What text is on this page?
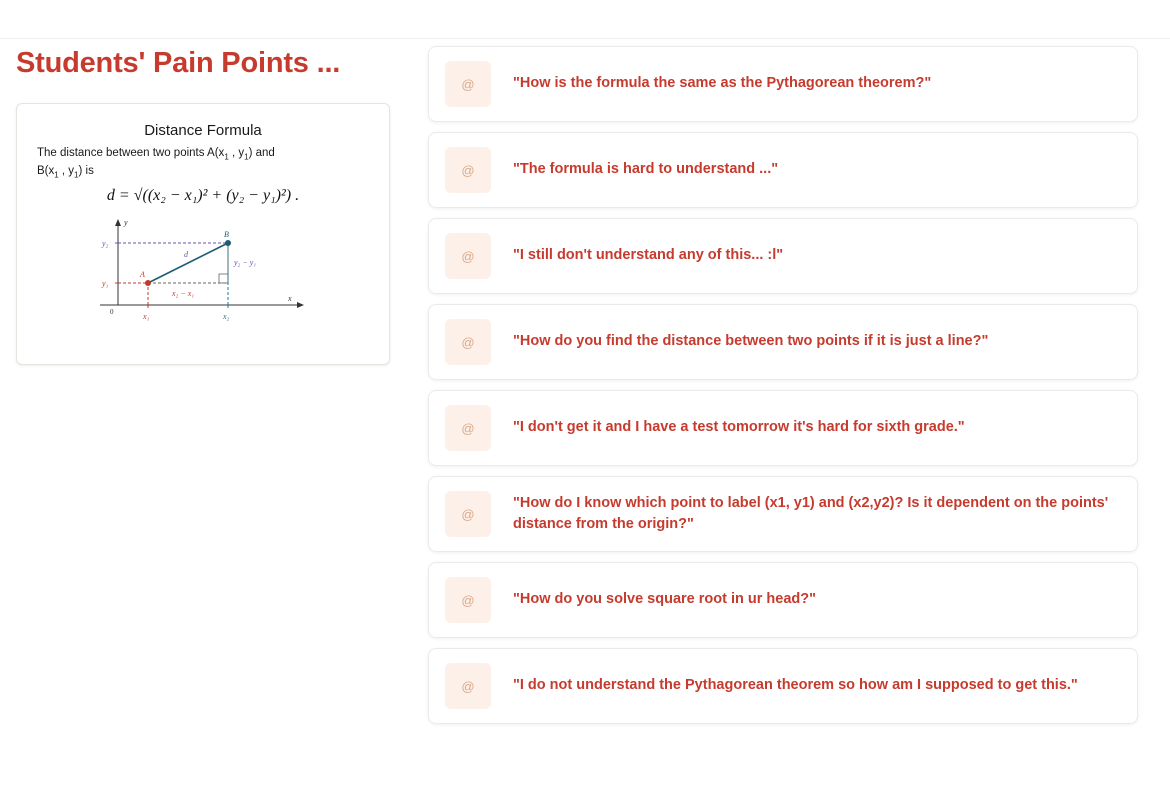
Students' Pain Points ...
Distance Formula
The distance between two points $A(x_1$ , $y_1$) and
$B(x_1$ , $y_1$) is
d = √((x₂ − x₁)² + (y₂ − y₁)²) .
y
x
0
A
B
d
y₂
y₁
x₁	x₂
x₂ − x₁
y₂ − y₁
@	"How is the formula the same as the Pythagorean theorem?"
@	"The formula is hard to understand ..."
@	"I still don't understand any of this... :l"
@	"How do you find the distance between two points if it is just a line?"
@	"I don't get it and I have a test tomorrow it's hard for sixth grade."
@
"How do I know which point to label (x1, y1) and (x2,y2)? Is it dependent on the points' distance from the origin?"
@	"How do you solve square root in ur head?"
@	"I do not understand the Pythagorean theorem so how am I supposed to get this."
